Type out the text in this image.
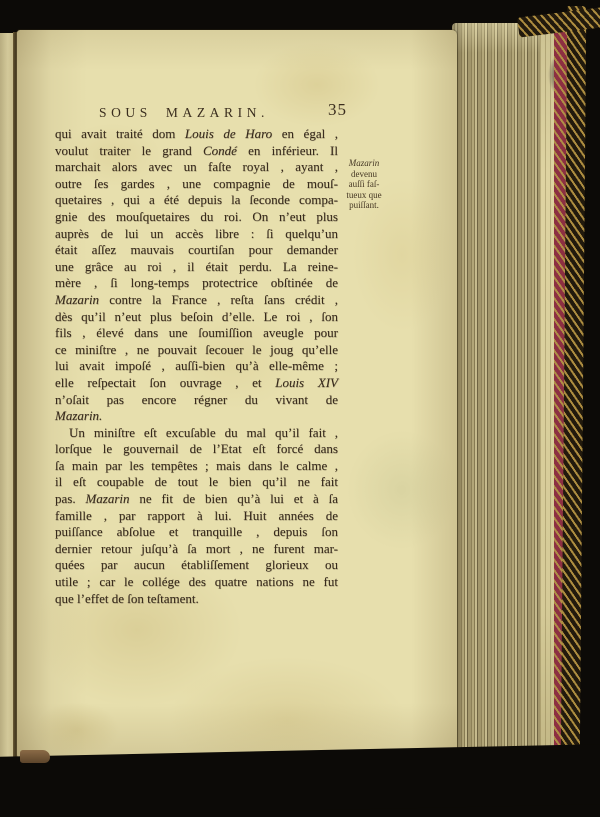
SOUS MAZARIN.	35
qui avait traité dom Louis de Haro en égal ,
voulut traiter le grand Condé en inférieur. Il
marchait alors avec un faſte royal , ayant ,
outre ſes gardes , une compagnie de mouſ-
quetaires , qui a été depuis la ſeconde compa-
gnie des mouſquetaires du roi. On n’eut plus
auprès de lui un accès libre : ſi quelqu’un
était aſſez mauvais courtiſan pour demander
une grâce au roi , il était perdu. La reine-
mère , ſi long-temps protectrice obſtinée de
Mazarin contre la France , reſta ſans crédit ,
dès qu’il n’eut plus beſoin d’elle. Le roi , ſon
fils , élevé dans une ſoumiſſion aveugle pour
ce miniſtre , ne pouvait ſecouer le joug qu’elle
lui avait impoſé , auſſi-bien qu’à elle-même ;
elle reſpectait ſon ouvrage , et Louis XIV
n’oſait pas encore régner du vivant de
Mazarin.
Un miniſtre eſt excuſable du mal qu’il fait ,
lorſque le gouvernail de l’Etat eſt forcé dans
ſa main par les tempêtes ; mais dans le calme ,
il eſt coupable de tout le bien qu’il ne fait
pas. Mazarin ne fit de bien qu’à lui et à ſa
famille , par rapport à lui. Huit années de
puiſſance abſolue et tranquille , depuis ſon
dernier retour juſqu’à ſa mort , ne furent mar-
quées par aucun établiſſement glorieux ou
utile ; car le collége des quatre nations ne fut
que l’effet de ſon teſtament.
Mazarin
devenu
auſſi faſ-
tueux que
puiſſant.
